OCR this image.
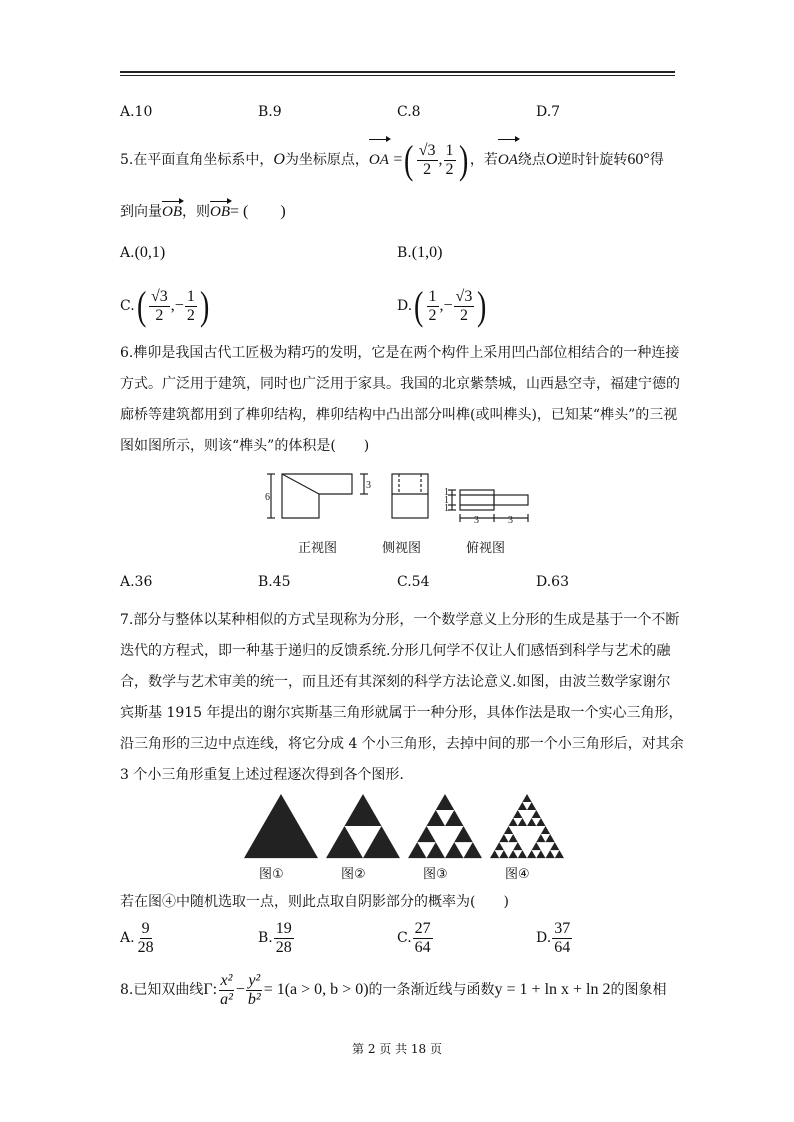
A.10	B.9	C.8	D.7
5.在平面直角坐标系中，O为坐标原点，OA =( $\frac{√3}{2}$ , $\frac{1}{2}$ ) ，若OA绕点O逆时针旋转60°得
到向量OB，则OB= (　　)
A.(0,1)	B.(1,0)
$C.( \frac{√3}{2}$ ,− $\frac{1}{2}$ )	$D.( \frac{1}{2}$ ,− $\frac{√3}{2}$ )
6.榫卯是我国古代工匠极为精巧的发明，它是在两个构件上采用凹凸部位相结合的一种连接
方式。广泛用于建筑，同时也广泛用于家具。我国的北京紫禁城，山西悬空寺，福建宁德的
廊桥等建筑都用到了榫卯结构，榫卯结构中凸出部分叫榫(或叫榫头)，已知某“榫头”的三视
图如图所示，则该“榫头”的体积是(　　)
6
3
1
1
1
3	3
正视图	侧视图	俯视图
A.36	B.45	C.54	D.63
7.部分与整体以某种相似的方式呈现称为分形，一个数学意义上分形的生成是基于一个不断
迭代的方程式，即一种基于递归的反馈系统.分形几何学不仅让人们感悟到科学与艺术的融
合，数学与艺术审美的统一，而且还有其深刻的科学方法论意义.如图，由波兰数学家谢尔
宾斯基 1915 年提出的谢尔宾斯基三角形就属于一种分形，具体作法是取一个实心三角形，
沿三角形的三边中点连线，将它分成 4 个小三角形，去掉中间的那一个小三角形后，对其余
3 个小三角形重复上述过程逐次得到各个图形.
图①	图②	图③	图④
若在图④中随机选取一点，则此点取自阴影部分的概率为(　　)
A. $\frac{9}{28}$	B. $\frac{19}{28}$	C. $\frac{27}{64}$	D. $\frac{37}{64}$
8.已知双曲线Γ: $\frac{\text{x²}}{\text{a²}} - \frac{\text{y²}}{\text{b²}} = 1(a > 0$, b > 0)的一条渐近线与函数y = 1 + ln x + ln 2的图象相
第 2 页 共 18 页
